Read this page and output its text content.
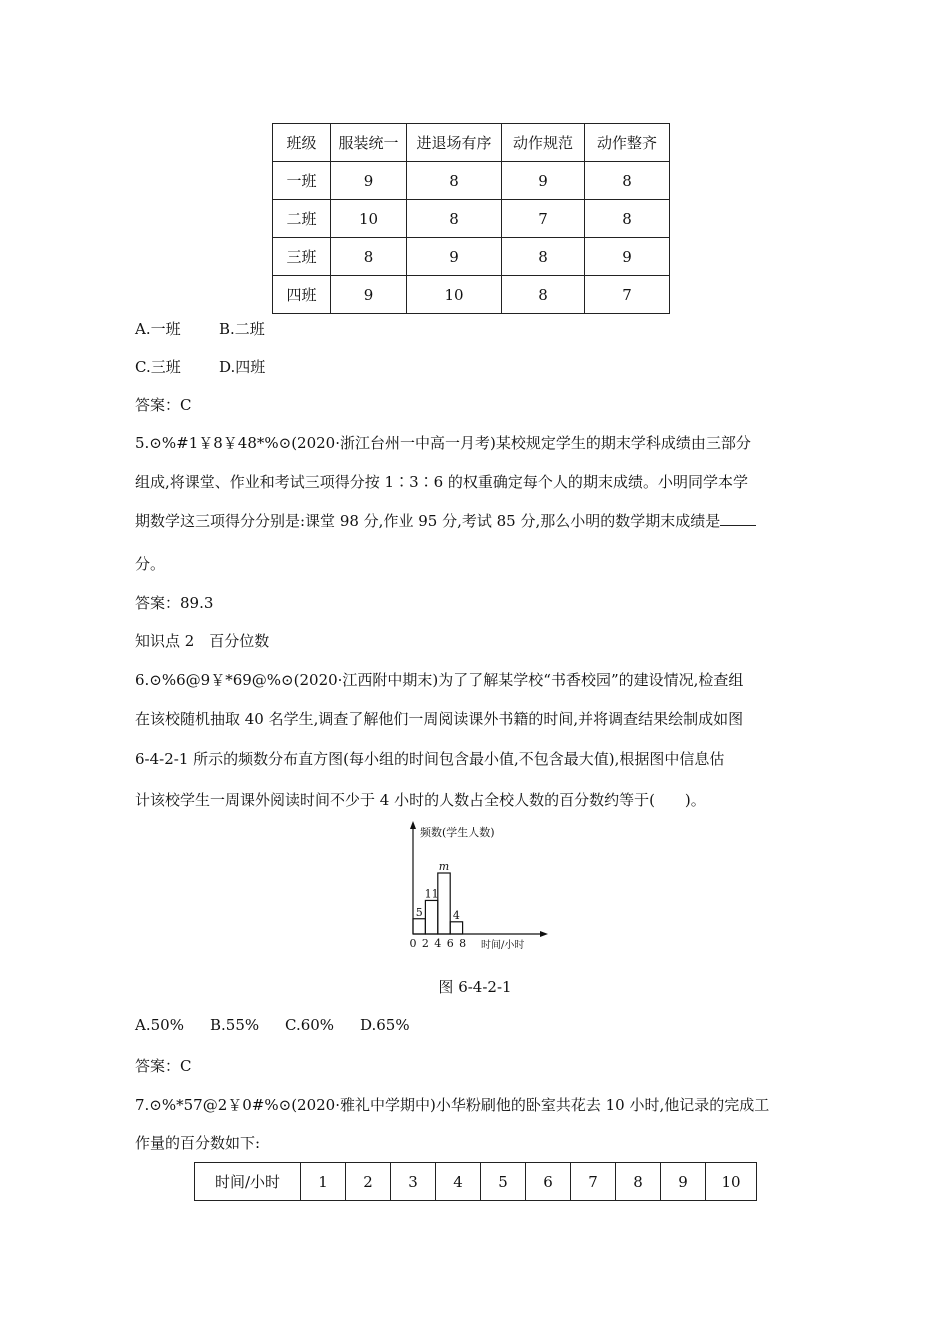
班级	服装统一	进退场有序	动作规范	动作整齐
一班	9	8	9	8
二班	10	8	7	8
三班	8	9	8	9
四班	9	10	8	7
A.一班	B.二班
C.三班	D.四班
答案：C
5.⊙%#1￥8￥48*%⊙(2020·浙江台州一中高一月考)某校规定学生的期末学科成绩由三部分
组成,将课堂、作业和考试三项得分按 1∶3∶6 的权重确定每个人的期末成绩。小明同学本学
期数学这三项得分分别是:课堂 98 分,作业 95 分,考试 85 分,那么小明的数学期末成绩是
分。
答案：89.3
知识点 2　百分位数
6.⊙%6@9￥*69@%⊙(2020·江西附中期末)为了了解某学校“书香校园”的建设情况,检查组
在该校随机抽取 40 名学生,调查了解他们一周阅读课外书籍的时间,并将调查结果绘制成如图
6-4-2-1 所示的频数分布直方图(每小组的时间包含最小值,不包含最大值),根据图中信息估
计该校学生一周课外阅读时间不少于 4 小时的人数占全校人数的百分数约等于(　　)。
频数(学生人数)
时间/小时
5
11
m
4
0 2 4 6 8
图 6-4-2-1
A.50% B.55% C.60% D.65%
答案：C
7.⊙%*57@2￥0#%⊙(2020·雅礼中学期中)小华粉刷他的卧室共花去 10 小时,他记录的完成工
作量的百分数如下:
时间∕小时	1	2	3	4	5	6	7	8	9	10
